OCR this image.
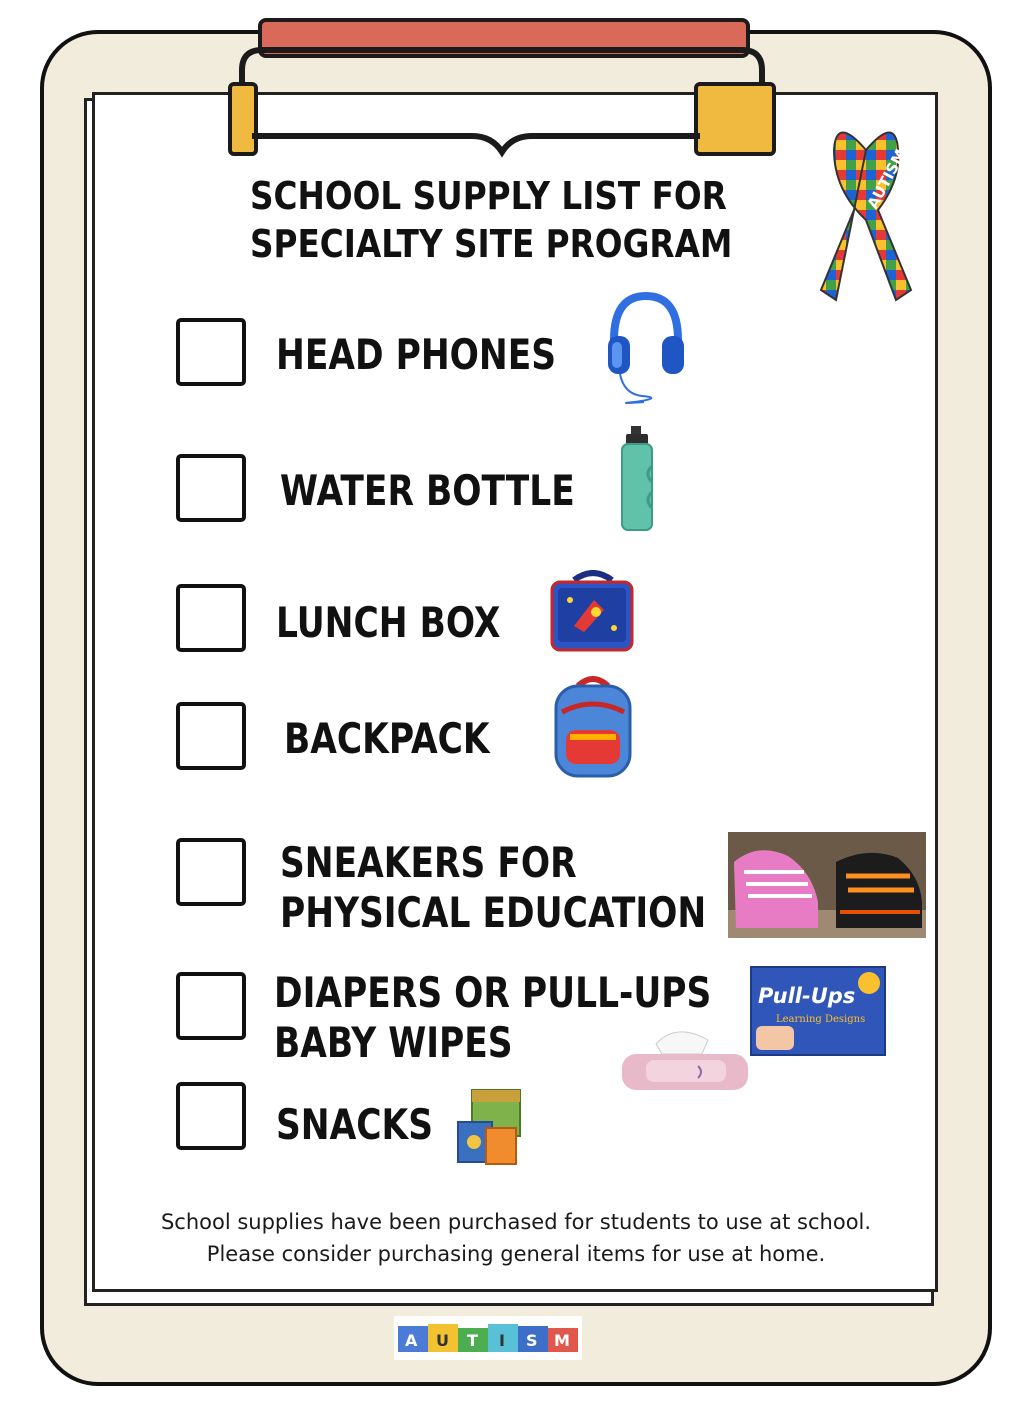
AUTISM
SCHOOL SUPPLY LIST FOR
SPECIALTY SITE PROGRAM
HEAD PHONES
WATER BOTTLE
LUNCH BOX
BACKPACK
SNEAKERS FOR
PHYSICAL EDUCATION
DIAPERS OR PULL-UPS
BABY WIPES
Pull-Ups
Learning Designs
SNACKS
School supplies have been purchased for students to use at school.
Please consider purchasing general items for use at home.
A U T I S M
